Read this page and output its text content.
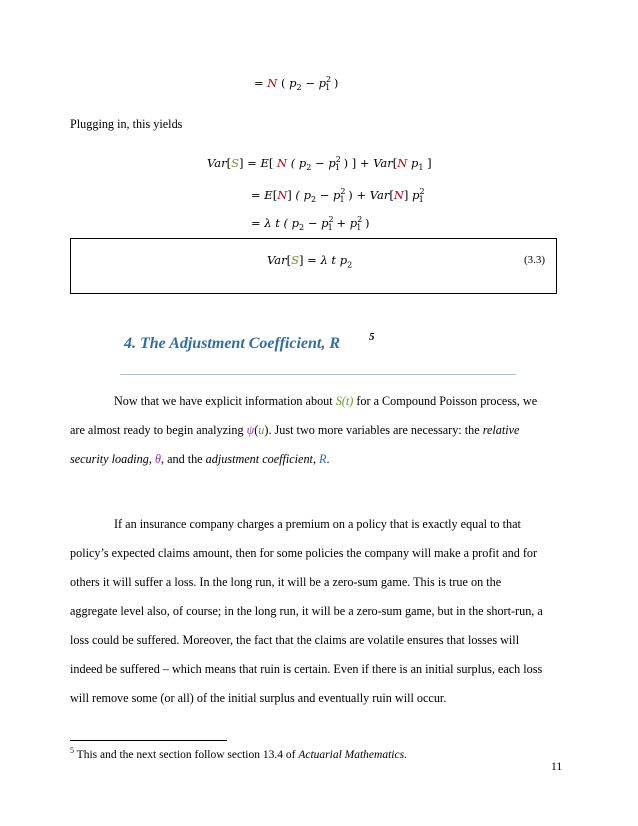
= N ( $p_2 - p^2_1$ )
Plugging in, this yields
Var[S] = E[ N ( $p_2 - p^2_1$ ) ] + Var[N $p_1$ ]
= E[N] ( $p_2 - p^2_1$ ) + Var[N] $p^2_1$
= λ t ( $p_2 - p^2_1 + p^2_1$ )
Var[S] = λ t $p_2$	(3.3)
4. The Adjustment Coefficient, R	5
Now that we have explicit information about S(t) for a Compound Poisson process, we
are almost ready to begin analyzing ψ(u). Just two more variables are necessary: the relative
security loading, θ, and the adjustment coefficient, R.
If an insurance company charges a premium on a policy that is exactly equal to that
policy’s expected claims amount, then for some policies the company will make a profit and for
others it will suffer a loss. In the long run, it will be a zero-sum game. This is true on the
aggregate level also, of course; in the long run, it will be a zero-sum game, but in the short-run, a
loss could be suffered. Moreover, the fact that the claims are volatile ensures that losses will
indeed be suffered – which means that ruin is certain. Even if there is an initial surplus, each loss
will remove some (or all) of the initial surplus and eventually ruin will occur.
$^5$ This and the next section follow section 13.4 of Actuarial Mathematics.
11
